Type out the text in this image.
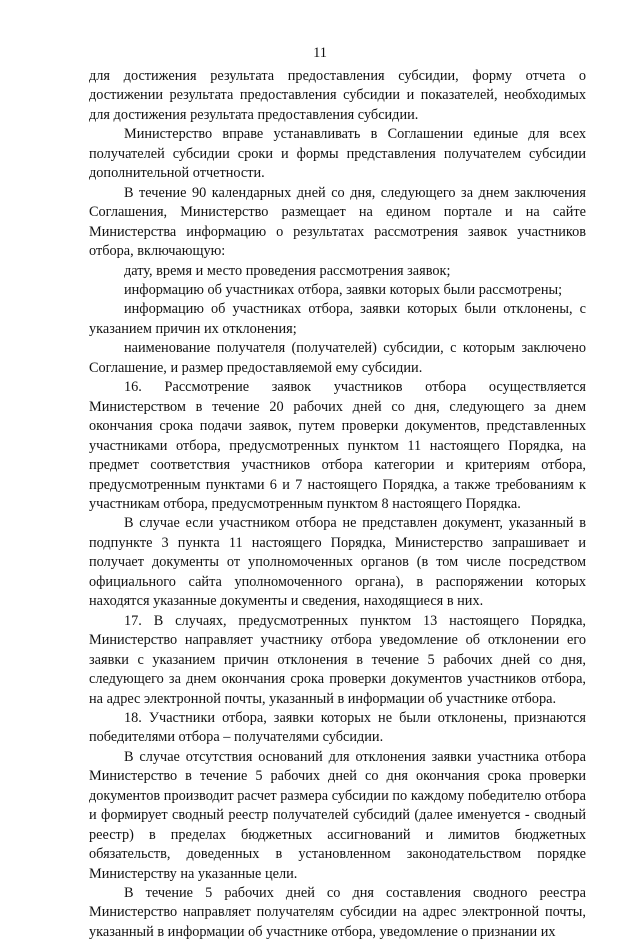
11

для достижения результата предоставления субсидии, форму отчета о достижении результата предоставления субсидии и показателей, необходимых для достижения результата предоставления субсидии.

Министерство вправе устанавливать в Соглашении единые для всех получателей субсидии сроки и формы представления получателем субсидии дополнительной отчетности.

В течение 90 календарных дней со дня, следующего за днем заключения Соглашения, Министерство размещает на едином портале и на сайте Министерства информацию о результатах рассмотрения заявок участников отбора, включающую:

дату, время и место проведения рассмотрения заявок;

информацию об участниках отбора, заявки которых были рассмотрены;

информацию об участниках отбора, заявки которых были отклонены, с указанием причин их отклонения;

наименование получателя (получателей) субсидии, с которым заключено Соглашение, и размер предоставляемой ему субсидии.

16. Рассмотрение заявок участников отбора осуществляется Министерством в течение 20 рабочих дней со дня, следующего за днем окончания срока подачи заявок, путем проверки документов, представленных участниками отбора, предусмотренных пунктом 11 настоящего Порядка, на предмет соответствия участников отбора категории и критериям отбора, предусмотренным пунктами 6 и 7 настоящего Порядка, а также требованиям к участникам отбора, предусмотренным пунктом 8 настоящего Порядка.

В случае если участником отбора не представлен документ, указанный в подпункте 3 пункта 11 настоящего Порядка, Министерство запрашивает и получает документы от уполномоченных органов (в том числе посредством официального сайта уполномоченного органа), в распоряжении которых находятся указанные документы и сведения, находящиеся в них.

17. В случаях, предусмотренных пунктом 13 настоящего Порядка, Министерство направляет участнику отбора уведомление об отклонении его заявки с указанием причин отклонения в течение 5 рабочих дней со дня, следующего за днем окончания срока проверки документов участников отбора, на адрес электронной почты, указанный в информации об участнике отбора.

18. Участники отбора, заявки которых не были отклонены, признаются победителями отбора – получателями субсидии.

В случае отсутствия оснований для отклонения заявки участника отбора Министерство в течение 5 рабочих дней со дня окончания срока проверки документов производит расчет размера субсидии по каждому победителю отбора и формирует сводный реестр получателей субсидий (далее именуется - сводный реестр) в пределах бюджетных ассигнований и лимитов бюджетных обязательств, доведенных в установленном законодательством порядке Министерству на указанные цели.

В течение 5 рабочих дней со дня составления сводного реестра Министерство направляет получателям субсидии на адрес электронной почты, указанный в информации об участнике отбора, уведомление о признании их
